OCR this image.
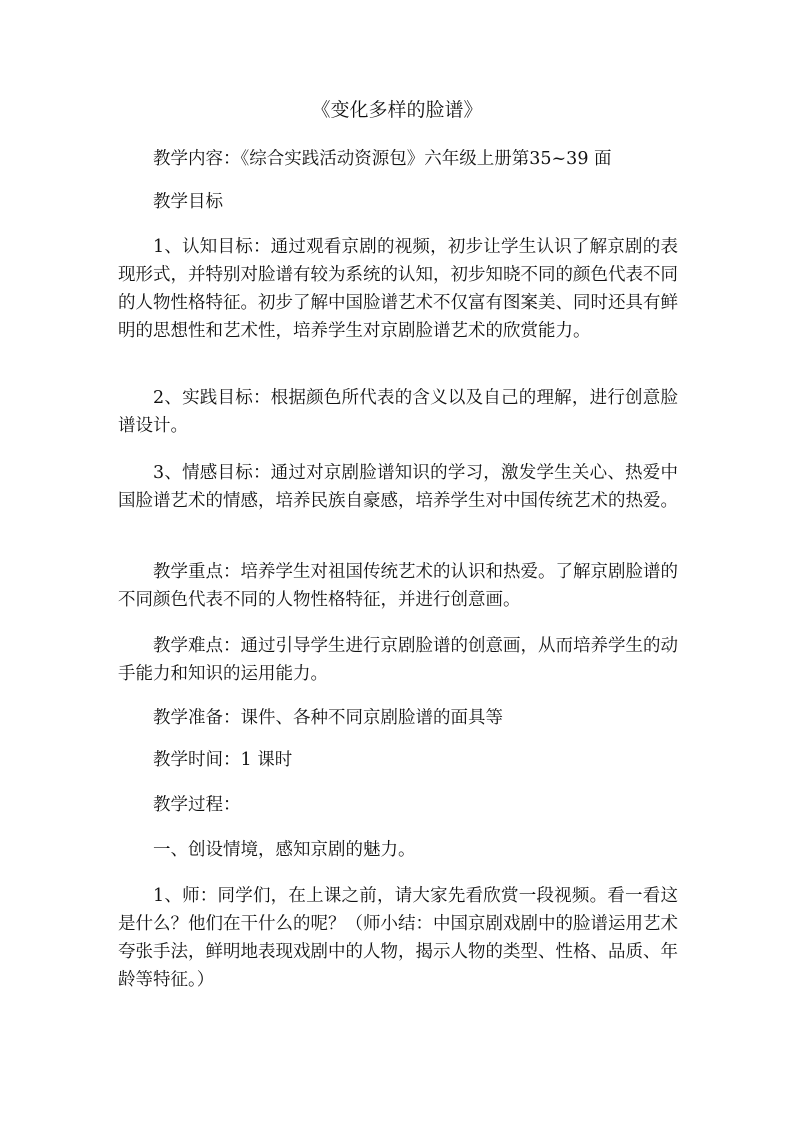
《变化多样的脸谱》

教学内容：《综合实践活动资源包》六年级上册第35~39 面

教学目标

1、认知目标：通过观看京剧的视频，初步让学生认识了解京剧的表现形式，并特别对脸谱有较为系统的认知，初步知晓不同的颜色代表不同的人物性格特征。初步了解中国脸谱艺术不仅富有图案美、同时还具有鲜明的思想性和艺术性，培养学生对京剧脸谱艺术的欣赏能力。

2、实践目标：根据颜色所代表的含义以及自己的理解，进行创意脸谱设计。

3、情感目标：通过对京剧脸谱知识的学习，激发学生关心、热爱中国脸谱艺术的情感，培养民族自豪感，培养学生对中国传统艺术的热爱。

教学重点：培养学生对祖国传统艺术的认识和热爱。了解京剧脸谱的不同颜色代表不同的人物性格特征，并进行创意画。

教学难点：通过引导学生进行京剧脸谱的创意画，从而培养学生的动手能力和知识的运用能力。

教学准备：课件、各种不同京剧脸谱的面具等

教学时间：1 课时

教学过程：

一、创设情境，感知京剧的魅力。

1、师：同学们，在上课之前，请大家先看欣赏一段视频。看一看这是什么？他们在干什么的呢？（师小结：中国京剧戏剧中的脸谱运用艺术夸张手法，鲜明地表现戏剧中的人物，揭示人物的类型、性格、品质、年龄等特征。）
